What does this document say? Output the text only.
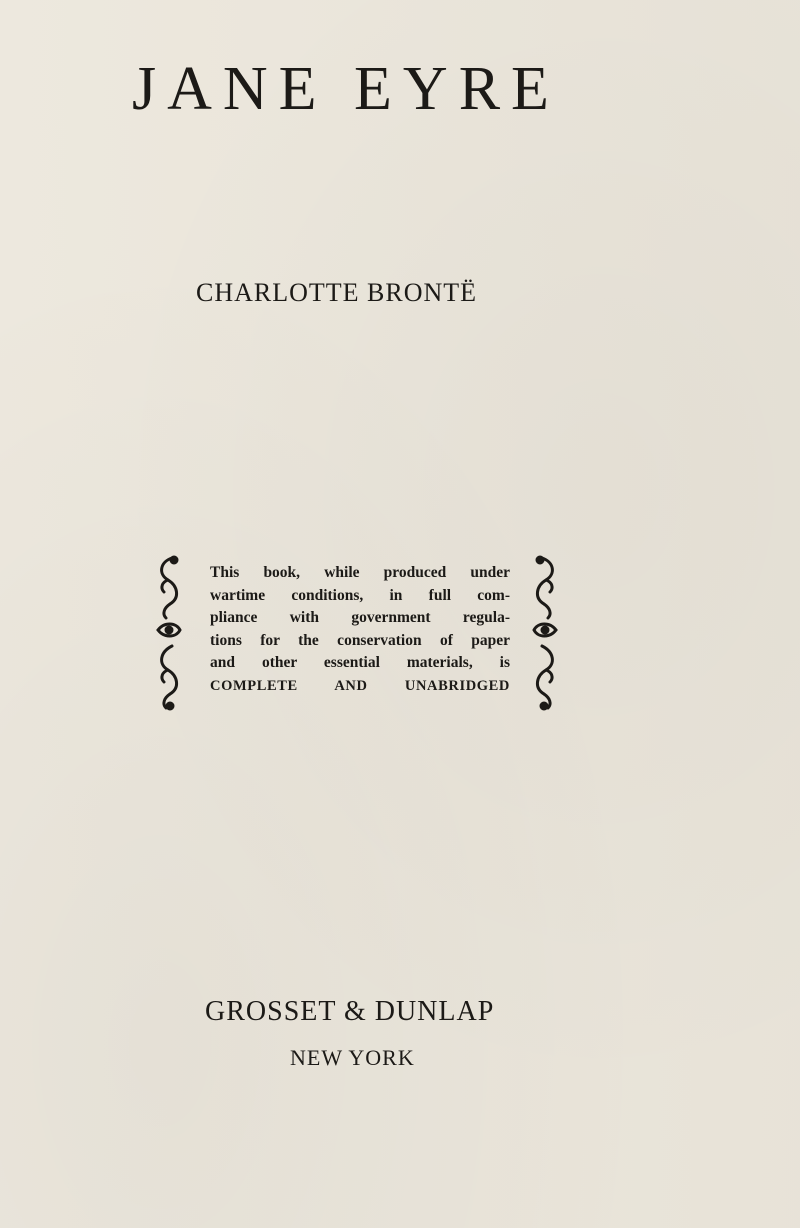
JANE EYRE
CHARLOTTE BRONTË

This book, while produced under
wartime conditions, in full com-
pliance with government regula-
tions for the conservation of paper
and other essential materials, is
COMPLETE AND UNABRIDGED

GROSSET & DUNLAP
NEW YORK
